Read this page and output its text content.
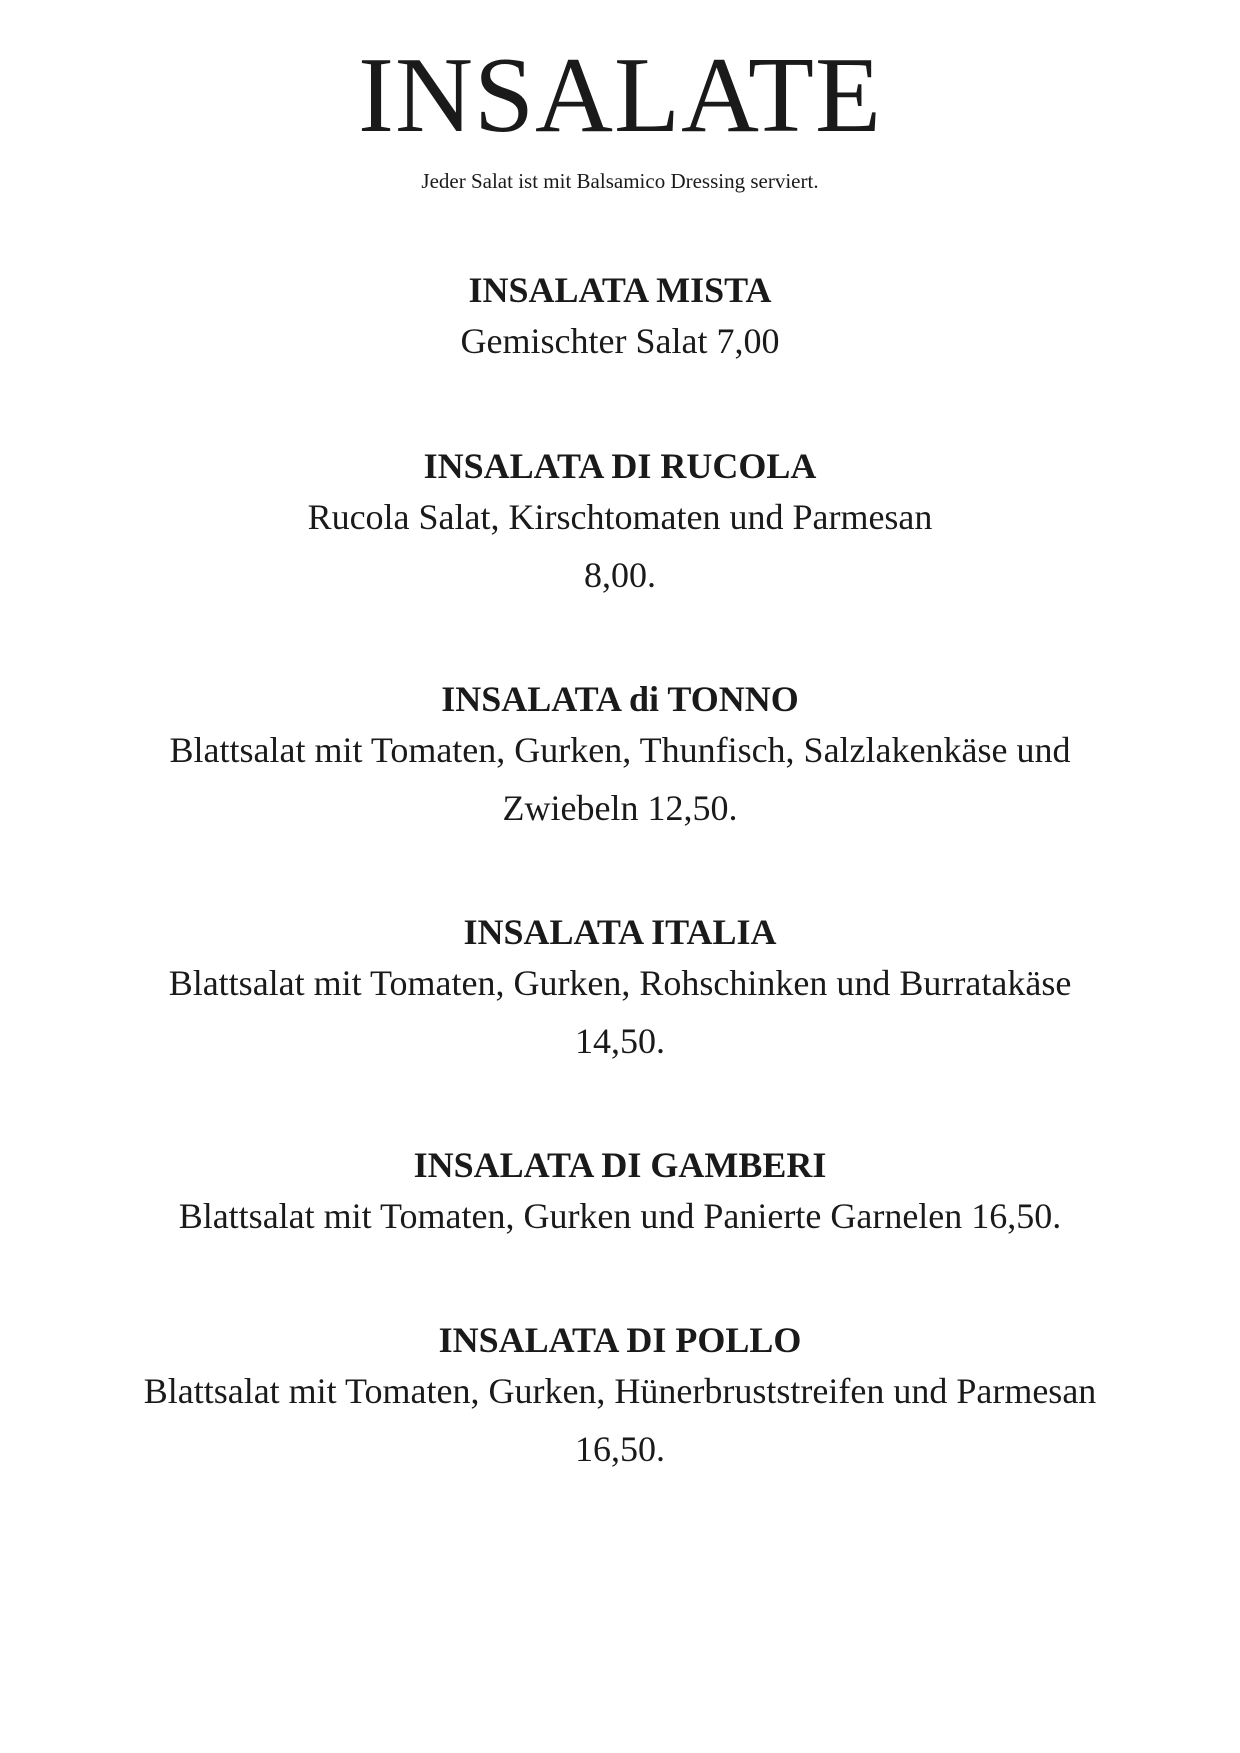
INSALATE

Jeder Salat ist mit Balsamico Dressing serviert.

INSALATA MISTA
Gemischter Salat 7,00
INSALATA DI RUCOLA
Rucola Salat, Kirschtomaten und Parmesan
8,00.
INSALATA di TONNO
Blattsalat mit Tomaten, Gurken, Thunfisch, Salzlakenkäse und
Zwiebeln 12,50.
INSALATA ITALIA
Blattsalat mit Tomaten, Gurken, Rohschinken und Burratakäse
14,50.
INSALATA DI GAMBERI
Blattsalat mit Tomaten, Gurken und Panierte Garnelen 16,50.
INSALATA DI POLLO
Blattsalat mit Tomaten, Gurken, Hünerbruststreifen und Parmesan
16,50.
